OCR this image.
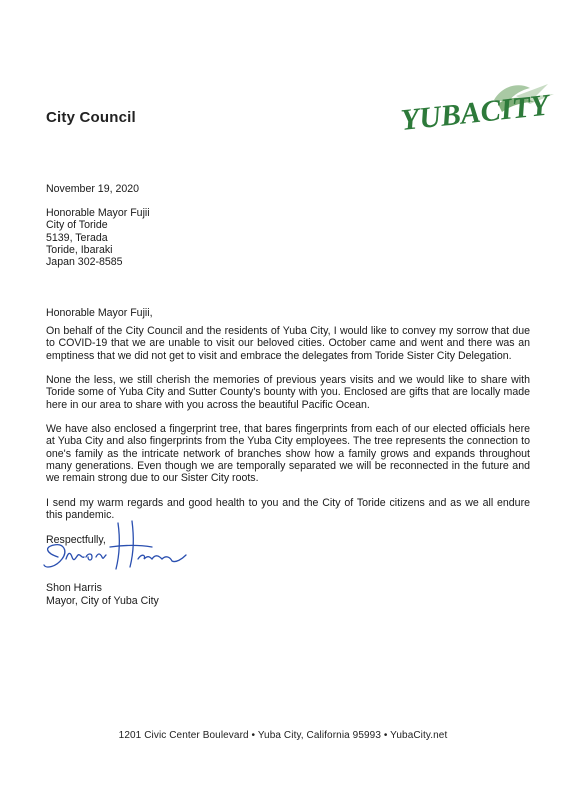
City Council	YUBACITY
November 19, 2020
Honorable Mayor Fujii
City of Toride
5139, Terada
Toride, Ibaraki
Japan 302-8585
Honorable Mayor Fujii,
On behalf of the City Council and the residents of Yuba City, I would like to convey my sorrow that due to COVID-19 that we are unable to visit our beloved cities. October came and went and there was an emptiness that we did not get to visit and embrace the delegates from Toride Sister City Delegation.
None the less, we still cherish the memories of previous years visits and we would like to share with Toride some of Yuba City and Sutter County's bounty with you. Enclosed are gifts that are locally made here in our area to share with you across the beautiful Pacific Ocean.
We have also enclosed a fingerprint tree, that bares fingerprints from each of our elected officials here at Yuba City and also fingerprints from the Yuba City employees. The tree represents the connection to one's family as the intricate network of branches show how a family grows and expands throughout many generations. Even though we are temporally separated we will be reconnected in the future and we remain strong due to our Sister City roots.
I send my warm regards and good health to you and the City of Toride citizens and as we all endure this pandemic.
Respectfully,
Shon Harris
Mayor, City of Yuba City
1201 Civic Center Boulevard • Yuba City, California 95993 • YubaCity.net
